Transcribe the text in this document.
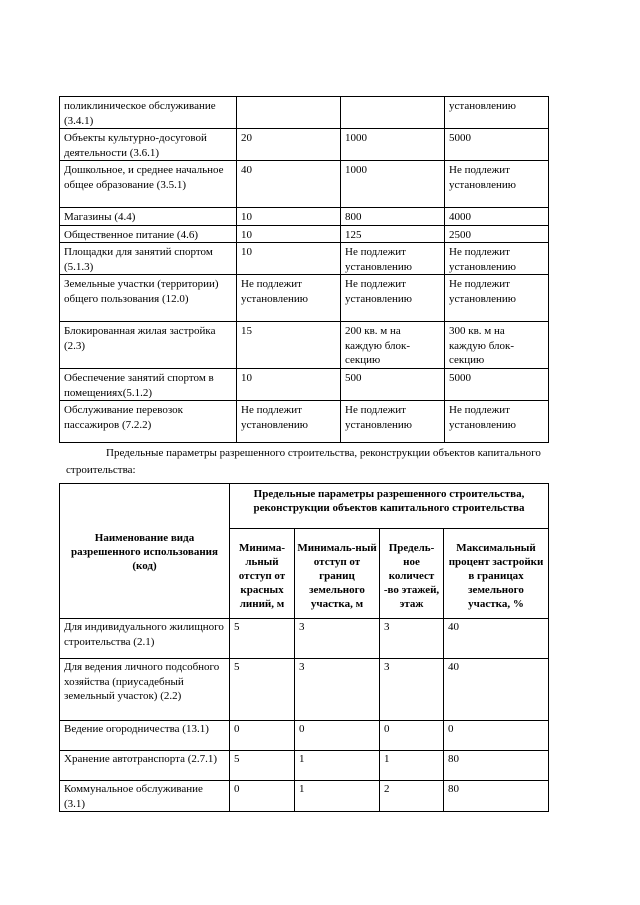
поликлиническое обслуживание (3.4.1)			установлению
Объекты культурно-досуговой деятельности (3.6.1)	20	1000	5000
Дошкольное, и среднее начальное общее образование (3.5.1)	40	1000	Не подлежит установлению
Магазины (4.4)	10	800	4000
Общественное питание (4.6)	10	125	2500
Площадки для занятий спортом (5.1.3)	10	Не подлежит установлению	Не подлежит установлению
Земельные участки (территории) общего пользования (12.0)	Не подлежит установлению	Не подлежит установлению	Не подлежит установлению
Блокированная жилая застройка (2.3)	15	200 кв. м на каждую блок-секцию	300 кв. м на каждую блок-секцию
Обеспечение занятий спортом в помещениях(5.1.2)	10	500	5000
Обслуживание перевозок пассажиров (7.2.2)	Не подлежит установлению	Не подлежит установлению	Не подлежит установлению

Предельные параметры разрешенного строительства, реконструкции объектов капитального строительства:

Наименование вида разрешенного использования (код)	Предельные параметры разрешенного строительства, реконструкции объектов капитального строительства			
	Минима-льный отступ от красных линий, м	Минималь-ный отступ от границ земельного участка, м	Предель-ное количест -во этажей, этаж	Максимальный процент застройки в границах земельного участка, %
Для индивидуального жилищного строительства (2.1)	5	3	3	40
Для ведения личного подсобного хозяйства (приусадебный земельный участок) (2.2)	5	3	3	40
Ведение огородничества (13.1)	0	0	0	0
Хранение автотранспорта (2.7.1)	5	1	1	80
Коммунальное обслуживание (3.1)	0	1	2	80
